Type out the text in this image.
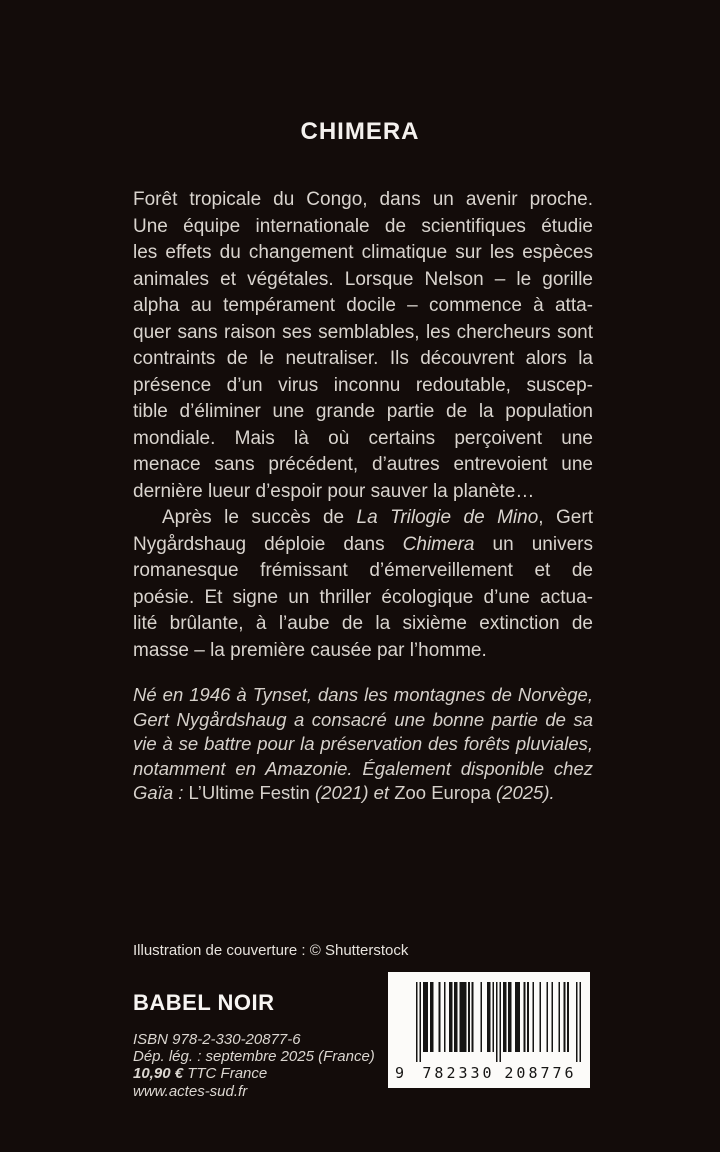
CHIMERA
Forêt tropicale du Congo, dans un avenir proche.
Une équipe internationale de scientifiques étudie
les effets du changement climatique sur les espèces
animales et végétales. Lorsque Nelson – le gorille
alpha au tempérament docile – commence à atta-
quer sans raison ses semblables, les chercheurs sont
contraints de le neutraliser. Ils découvrent alors la
présence d’un virus inconnu redoutable, suscep-
tible d’éliminer une grande partie de la population
mondiale. Mais là où certains perçoivent une
menace sans précédent, d’autres entrevoient une
dernière lueur d’espoir pour sauver la planète…
Après le succès de La Trilogie de Mino, Gert
Nygårdshaug déploie dans Chimera un univers
romanesque frémissant d’émerveillement et de
poésie. Et signe un thriller écologique d’une actua-
lité brûlante, à l’aube de la sixième extinction de
masse – la première causée par l’homme.
Né en 1946 à Tynset, dans les montagnes de Norvège,
Gert Nygårdshaug a consacré une bonne partie de sa
vie à se battre pour la préservation des forêts pluviales,
notamment en Amazonie. Également disponible chez
Gaïa : L’Ultime Festin (2021) et Zoo Europa (2025).
Illustration de couverture : © Shutterstock
BABEL NOIR
ISBN 978-2-330-20877-6
Dép. lég. : septembre 2025 (France)
10,90 € TTC France
www.actes-sud.fr
9 782330 208776
